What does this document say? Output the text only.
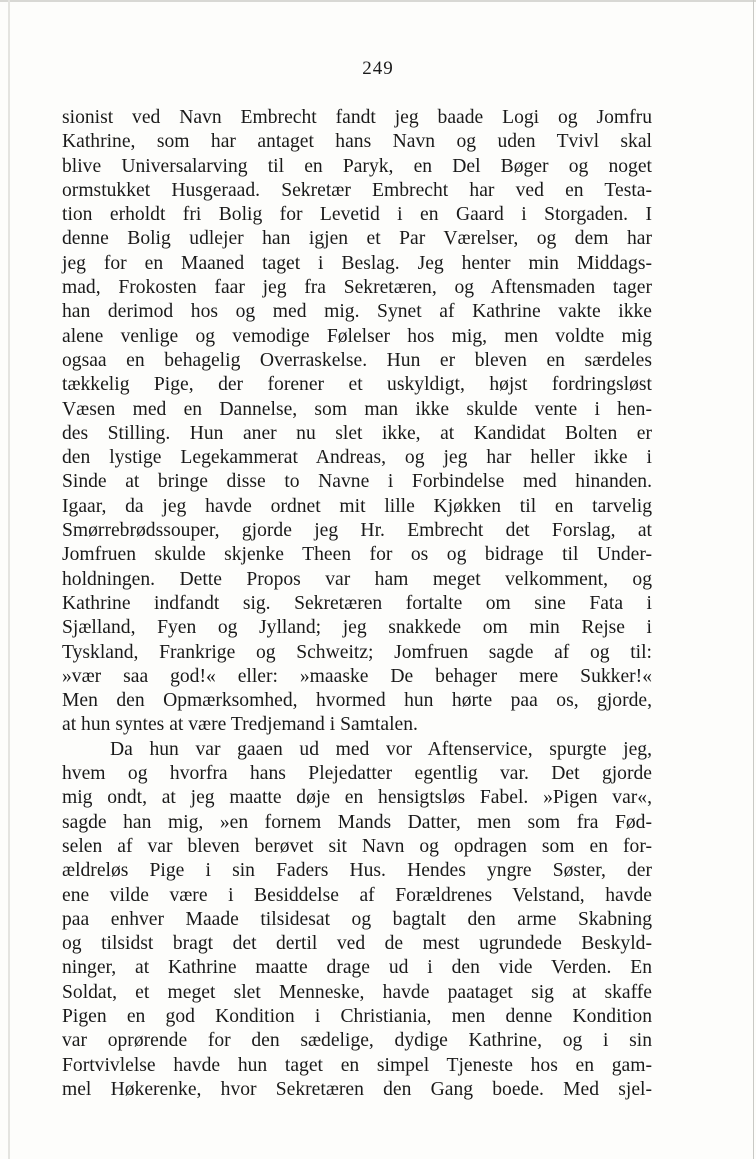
249
sionist ved Navn Embrecht fandt jeg baade Logi og Jomfru
Kathrine, som har antaget hans Navn og uden Tvivl skal
blive Universalarving til en Paryk, en Del Bøger og noget
ormstukket Husgeraad. Sekretær Embrecht har ved en Testa-
tion erholdt fri Bolig for Levetid i en Gaard i Storgaden. I
denne Bolig udlejer han igjen et Par Værelser, og dem har
jeg for en Maaned taget i Beslag. Jeg henter min Middags-
mad, Frokosten faar jeg fra Sekretæren, og Aftensmaden tager
han derimod hos og med mig. Synet af Kathrine vakte ikke
alene venlige og vemodige Følelser hos mig, men voldte mig
ogsaa en behagelig Overraskelse. Hun er bleven en særdeles
tækkelig Pige, der forener et uskyldigt, højst fordringsløst
Væsen med en Dannelse, som man ikke skulde vente i hen-
des Stilling. Hun aner nu slet ikke, at Kandidat Bolten er
den lystige Legekammerat Andreas, og jeg har heller ikke i
Sinde at bringe disse to Navne i Forbindelse med hinanden.
Igaar, da jeg havde ordnet mit lille Kjøkken til en tarvelig
Smørrebrødssouper, gjorde jeg Hr. Embrecht det Forslag, at
Jomfruen skulde skjenke Theen for os og bidrage til Under-
holdningen. Dette Propos var ham meget velkomment, og
Kathrine indfandt sig. Sekretæren fortalte om sine Fata i
Sjælland, Fyen og Jylland; jeg snakkede om min Rejse i
Tyskland, Frankrige og Schweitz; Jomfruen sagde af og til:
»vær saa god!« eller: »maaske De behager mere Sukker!«
Men den Opmærksomhed, hvormed hun hørte paa os, gjorde,
at hun syntes at være Tredjemand i Samtalen.
Da hun var gaaen ud med vor Aftenservice, spurgte jeg,
hvem og hvorfra hans Plejedatter egentlig var. Det gjorde
mig ondt, at jeg maatte døje en hensigtsløs Fabel. »Pigen var«,
sagde han mig, »en fornem Mands Datter, men som fra Fød-
selen af var bleven berøvet sit Navn og opdragen som en for-
ældreløs Pige i sin Faders Hus. Hendes yngre Søster, der
ene vilde være i Besiddelse af Forældrenes Velstand, havde
paa enhver Maade tilsidesat og bagtalt den arme Skabning
og tilsidst bragt det dertil ved de mest ugrundede Beskyld-
ninger, at Kathrine maatte drage ud i den vide Verden. En
Soldat, et meget slet Menneske, havde paataget sig at skaffe
Pigen en god Kondition i Christiania, men denne Kondition
var oprørende for den sædelige, dydige Kathrine, og i sin
Fortvivlelse havde hun taget en simpel Tjeneste hos en gam-
mel Høkerenke, hvor Sekretæren den Gang boede. Med sjel-
